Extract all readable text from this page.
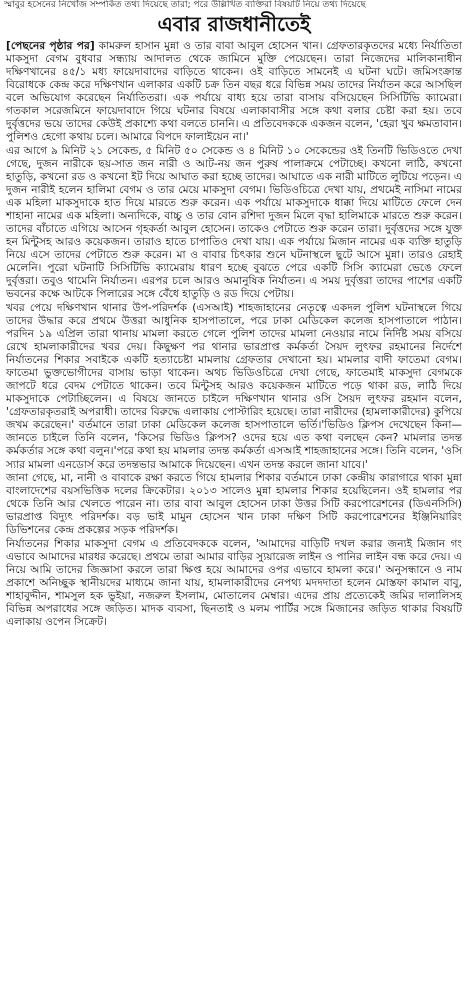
স্মাবুর হসেনের নিখোঁজ সম্পর্কিত তথ্য দিয়েছে তারা; পরে উল্লিখিত ব্যক্তিরা বিষয়টি নিয়ে তথ্য দিয়েছে
এবার রাজধানীতেই

[পেছনের পৃষ্ঠার পর] কামরুল হাসান মুন্না ও তার বাবা আবুল হোসেন খান। গ্রেফতারকৃতদের মধ্যে নির্যাতিতা মাকসুদা বেগম বুধবার সন্ধ্যায় আদালত থেকে জামিনে মুক্তি পেয়েছেন। তারা নিজেদের মালিকানাধীন দক্ষিণখানের ৪৫/১ মধ্য ফায়েদাবাদের বাড়িতে থাকেন। ওই বাড়িতে সামনেই এ ঘটনা ঘটে। জমিসংক্রান্ত বিরোধকে কেন্দ্র করে দক্ষিণখান এলাকার একটি চক্র তিন বছর ধরে বিভিন্ন সময় তাদের নির্যাতন করে আসছিল বলে অভিযোগ করেছেন নির্যাতিতরা। এক পর্যায়ে বাধ্য হয়ে তারা বাসায় বসিয়েছেন সিসিটিভি ক্যামেরা। গতকাল সরেজমিনে ফায়েদাবাদে গিয়ে ঘটনার বিষয়ে এলাকাবাসীর সঙ্গে কথা বলার চেষ্টা করা হয়। তবে দুর্বৃত্তদের ভয়ে তাদের কেউই প্রকাশ্যে কথা বলতে চাননি। এ প্রতিবেদককে একজন বলেন, 'হেরা খুব ক্ষমতাবান। পুলিশও হেগো কথায় চলে। আমারে বিপদে ফালাইয়েন না।'

এর আগে ৯ মিনিট ২১ সেকেন্ড, ৫ মিনিট ৫০ সেকেন্ড ও ৪ মিনিট ১০ সেকেন্ডের ওই তিনটি ভিডিওতে দেখা গেছে, দুজন নারীকে ছয়-সাত জন নারী ও আট-নয় জন পুরুষ পালাক্রমে পেটাচ্ছে। কখনো লাঠি, কখনো হাতুড়ি, কখনো রড ও কখনো ইট দিয়ে আঘাত করা হচ্ছে তাদের। আঘাতে এক নারী মাটিতে লুটিয়ে পড়েন। এ দুজন নারীই হলেন হালিমা বেগম ও তার মেয়ে মাকসুদা বেগম। ভিডিওচিত্রে দেখা যায়, প্রথমেই নাসিমা নামের এক মহিলা মাকসুদাকে হাত দিয়ে মারতে শুরু করেন। এক পর্যায়ে মাকসুদাকে ধাক্কা দিয়ে মাটিতে ফেলে দেন শাহানা নামের এক মহিলা। অন্যদিকে, বাচ্চু ও তার বোন রশিদা দুজন মিলে বৃদ্ধা হালিমাকে মারতে শুরু করেন। তাদের বাঁচাতে এগিয়ে আসেন গৃহকর্তা আবুল হোসেন। তাকেও পেটাতে শুরু করেন তারা। দুর্বৃত্তদের সঙ্গে যুক্ত হন মিন্টুসহ আরও কয়েকজন। তারাও হাতে চাপাতিও দেখা যায়। এক পর্যায়ে মিজান নামের এক ব্যক্তি হাতুড়ি নিয়ে এসে তাদের পেটাতে শুরু করেন। মা ও বাবার চিৎকার শুনে ঘটনাস্থলে ছুটে আসে মুন্না। তারও রেহাই মেলেনি। পুরো ঘটনাটি সিসিটিভি ক্যামেরায় ধারণ হচ্ছে বুঝতে পেরে একটি সিসি ক্যামেরা ভেঙে ফেলে দুর্বৃত্তরা। তবুও থামেনি নির্যাতন। এরপর চলে আরও অমানুষিক নির্যাতন। এ সময় দুর্বৃত্তরা তাদের পাশের একটি ভবনের কক্ষে আটকে পিলারের সঙ্গে বেঁধে হাতুড়ি ও রড দিয়ে পেটায়।

খবর পেয়ে দক্ষিণখান থানার উপ-পরিদর্শক (এসআই) শাহজাহানের নেতৃত্বে একদল পুলিশ ঘটনাস্থলে গিয়ে তাদের উদ্ধার করে প্রথমে উত্তরা আধুনিক হাসপাতালে, পরে ঢাকা মেডিকেল কলেজ হাসপাতালে পাঠান। পরদিন ১৯ এপ্রিল তারা থানায় মামলা করতে গেলে পুলিশ তাদের মামলা নেওয়ার নামে নির্দিষ্ট সময় বসিয়ে রেখে হামলাকারীদের খবর দেয়। কিছুক্ষণ পর থানার ভারপ্রাপ্ত কর্মকর্তা সৈয়দ লুৎফর রহমানের নির্দেশে নির্যাতনের শিকার সবাইকে একটি হত্যাচেষ্টা মামলায় গ্রেফতার দেখানো হয়। মামলার বাদী ফাতেমা বেগম। ফাতেমা ভুক্তভোগীদের বাসায় ভাড়া থাকেন। অথচ ভিডিওচিত্রে দেখা গেছে, ফাতেমাই মাকসুদা বেগমকে জাপটে ধরে বেদম পেটাতে থাকেন। তবে মিন্টুসহ আরও কয়েকজন মাটিতে পড়ে থাকা রড, লাঠি দিয়ে মাকসুদাকে পেটাচ্ছিলেন। এ বিষয়ে জানতে চাইলে দক্ষিণখান থানার ওসি সৈয়দ লুৎফর রহমান বলেন, 'গ্রেফতারকৃতরাই অপরাধী। তাদের বিরুদ্ধে এলাকায় পোস্টারিং হয়েছে। তারা নারীদের (হামলাকারীদের) কুপিয়ে জখম করেছেন।' বর্তমানে তারা ঢাকা মেডিকেল কলেজ হাসপাতালে ভর্তি।'ভিডিও ক্লিপস দেখেছেন কিনা— জানতে চাইলে তিনি বলেন, 'কিসের ভিডিও ক্লিপস? ওদের হয়ে এত কথা বলছেন কেন? মামলার তদন্ত কর্মকর্তার সঙ্গে কথা বলুন।'পরে কথা হয় মামলার তদন্ত কর্মকর্তা এসআই শাহজাহানের সঙ্গে। তিনি বলেন, 'ওসি স্যার মামলা এনডোর্স করে তদন্তভার আমাকে দিয়েছেন। এখন তদন্ত করলে জানা যাবে।'

জানা গেছে, মা, নানী ও বাবাকে রক্ষা করতে গিয়ে হামলার শিকার বর্তমানে ঢাকা কেন্দ্রীয় কারাগারে থাকা মুন্না বাংলাদেশের বয়সভিত্তিক দলের ক্রিকেটার। ২০১৩ সালেও মুন্না হামলার শিকার হয়েছিলেন। ওই হামলার পর থেকে তিনি আর খেলতে পারেন না। তার বাবা আবুল হোসেন ঢাকা উত্তর সিটি করপোরেশনের (ডিএনসিসি) ভারপ্রাপ্ত বিদ্যুৎ পরিদর্শক। বড় ভাই মামুন হোসেন খান ঢাকা দক্ষিণ সিটি করপোরেশনের ইঞ্জিনিয়ারিং ডিভিশনের কেন্দ্র প্রকল্পের সড়ক পরিদর্শক।

নির্যাতনের শিকার মাকসুদা বেগম এ প্রতিবেদককে বলেন, 'আমাদের বাড়িটি দখল করার জন্যই মিজান গং এভাবে আমাদের মারধর করেছে। প্রথমে তারা আমার বাড়ির স্যুয়ারেজ লাইন ও পানির লাইন বন্ধ করে দেয়। এ নিয়ে আমি তাদের জিজ্ঞাসা করলে তারা ক্ষিপ্ত হয়ে আমাদের ওপর এভাবে হামলা করে।' অনুসন্ধানে ও নাম প্রকাশে অনিচ্ছুক স্থানীয়দের মাধ্যমে জানা যায়, হামলাকারীদের নেপথ্য মদদদাতা হলেন মোস্তফা কামাল বাবু, শাহাবুদ্দীন, শামসুল হক ভুইয়া, নজরুল ইসলাম, মোতালেব মেম্বার। এদের প্রায় প্রত্যেকেই জমির দালালিসহ বিভিন্ন অপরাধের সঙ্গে জড়িত। মাদক ব্যবসা, ছিনতাই ও মলম পার্টির সঙ্গে মিজানের জড়িত থাকার বিষয়টি এলাকায় ওপেন সিক্রেট।
